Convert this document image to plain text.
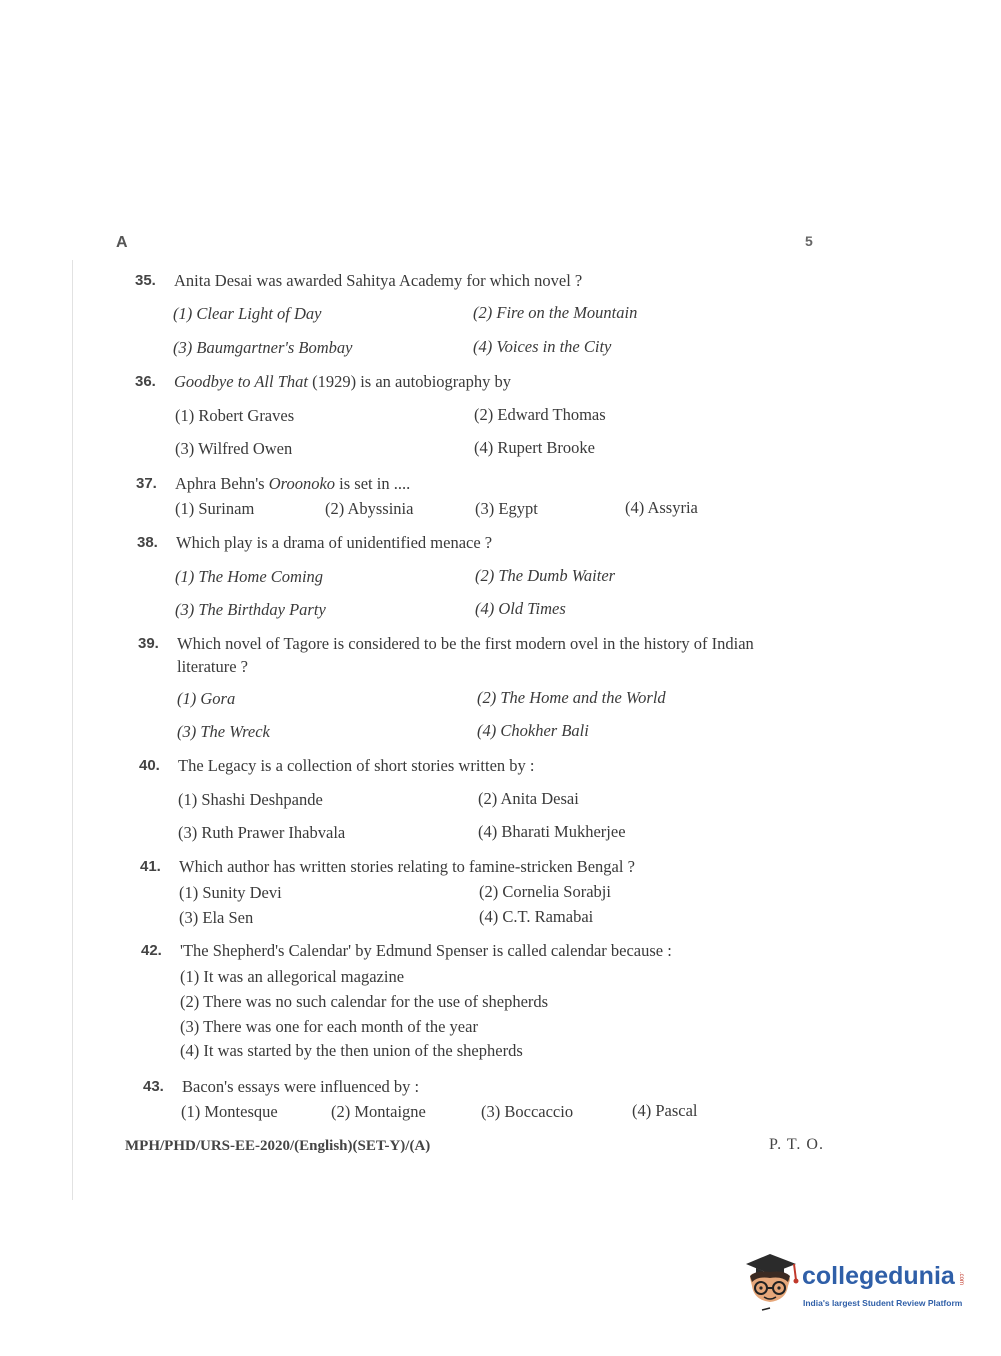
A	5
35. Anita Desai was awarded Sahitya Academy for which novel ?
(1) Clear Light of Day	(2) Fire on the Mountain
(3) Baumgartner's Bombay	(4) Voices in the City
36. Goodbye to All That (1929) is an autobiography by
(1) Robert Graves	(2) Edward Thomas
(3) Wilfred Owen	(4) Rupert Brooke
37. Aphra Behn's Oroonoko is set in ....
(1) Surinam	(2) Abyssinia	(3) Egypt	(4) Assyria
38. Which play is a drama of unidentified menace ?
(1) The Home Coming	(2) The Dumb Waiter
(3) The Birthday Party	(4) Old Times
39. Which novel of Tagore is considered to be the first modern ovel in the history of Indian literature ?
(1) Gora	(2) The Home and the World
(3) The Wreck	(4) Chokher Bali
40. The Legacy is a collection of short stories written by :
(1) Shashi Deshpande	(2) Anita Desai
(3) Ruth Prawer Ihabvala	(4) Bharati Mukherjee
41. Which author has written stories relating to famine-stricken Bengal ?
(1) Sunity Devi	(2) Cornelia Sorabji
(3) Ela Sen	(4) C.T. Ramabai
42. 'The Shepherd's Calendar' by Edmund Spenser is called calendar because :
(1) It was an allegorical magazine
(2) There was no such calendar for the use of shepherds
(3) There was one for each month of the year
(4) It was started by the then union of the shepherds
43. Bacon's essays were influenced by :
(1) Montesque	(2) Montaigne	(3) Boccaccio	(4) Pascal
MPH/PHD/URS-EE-2020/(English)(SET-Y)/(A)	P. T. O.
collegedunia .com
India's largest Student Review Platform
